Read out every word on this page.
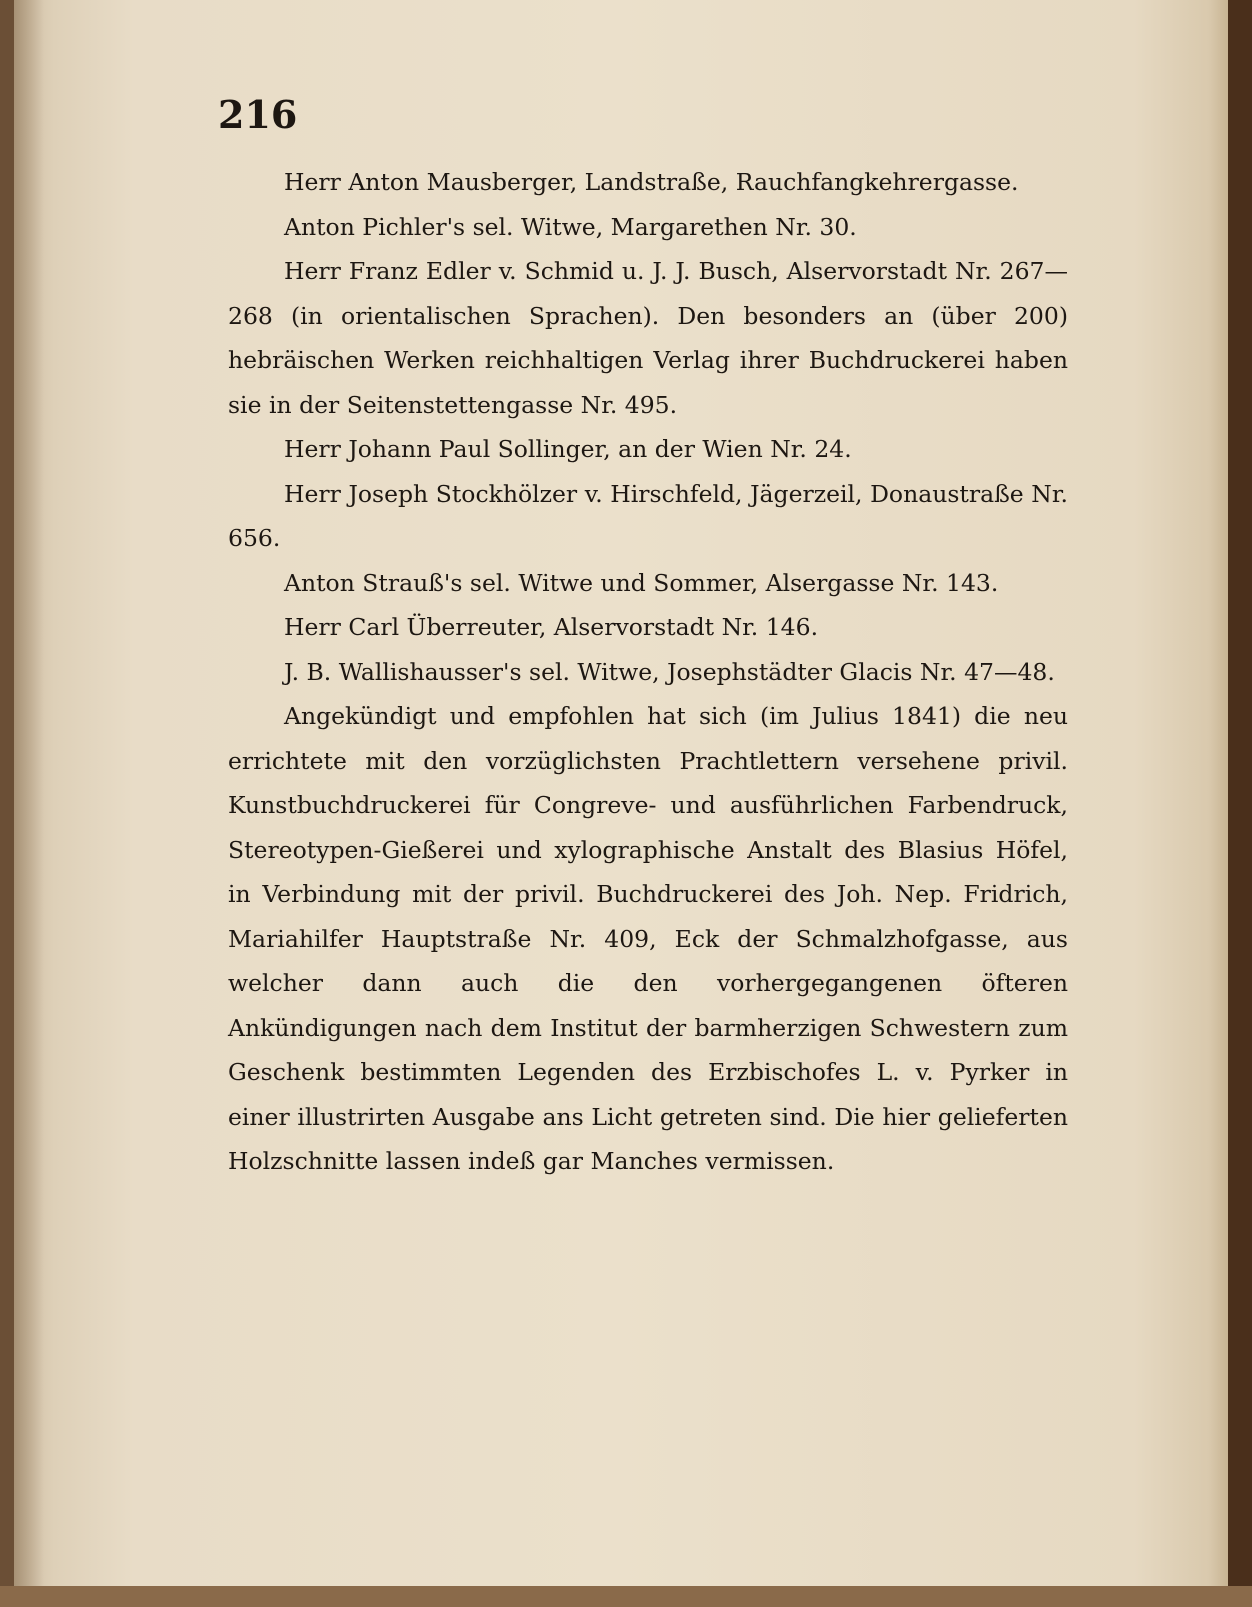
216

Herr Anton Mausberger, Landstraße, Rauchfangkehrergasse.

Anton Pichler's sel. Witwe, Margarethen Nr. 30.

Herr Franz Edler v. Schmid u. J. J. Busch, Alservorstadt Nr. 267—268 (in orientalischen Sprachen). Den besonders an (über 200) hebräischen Werken reichhaltigen Verlag ihrer Buchdruckerei haben sie in der Seitenstettengasse Nr. 495.

Herr Johann Paul Sollinger, an der Wien Nr. 24.

Herr Joseph Stockhölzer v. Hirschfeld, Jägerzeil, Donaustraße Nr. 656.

Anton Strauß's sel. Witwe und Sommer, Alsergasse Nr. 143.

Herr Carl Überreuter, Alservorstadt Nr. 146.

J. B. Wallishausser's sel. Witwe, Josephstädter Glacis Nr. 47—48.

Angekündigt und empfohlen hat sich (im Julius 1841) die neu errichtete mit den vorzüglichsten Prachtlettern versehene privil. Kunstbuchdruckerei für Congreve- und ausführlichen Farbendruck, Stereotypen-Gießerei und xylographische Anstalt des Blasius Höfel, in Verbindung mit der privil. Buchdruckerei des Joh. Nep. Fridrich, Mariahilfer Hauptstraße Nr. 409, Eck der Schmalzhofgasse, aus welcher dann auch die den vorhergegangenen öfteren Ankündigungen nach dem Institut der barmherzigen Schwestern zum Geschenk bestimmten Legenden des Erzbischofes L. v. Pyrker in einer illustrirten Ausgabe ans Licht getreten sind. Die hier gelieferten Holzschnitte lassen indeß gar Manches vermissen.
